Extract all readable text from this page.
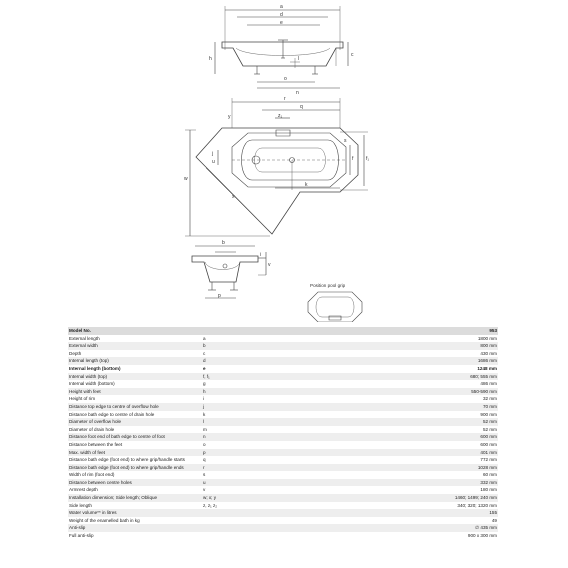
a
d
e
h
c
l
o
n
r
q
z₁
y
j
u	f	f₁
k
w
x
s
b
i
v
p
Position pool grip
Model No.		953
External length	a	1800 mm
External width	b	800 mm
Depth	c	430 mm
Internal length (top)	d	1686 mm
Internal length (bottom)	e	1248 mm
Internal width (top)	f, f₁	680; 555 mm
Internal width (bottom)	g	486 mm
Height with feet	h	550-590 mm
Height of rim	i	32 mm
Distance top edge to centre of overflow hole	j	70 mm
Distance bath edge to centre of drain hole	k	900 mm
Diameter of overflow hole	l	52 mm
Diameter of drain hole	m	52 mm
Distance foot end of bath edge to centre of foot	n	600 mm
Distance between the feet	o	600 mm
Max. width of feet	p	401 mm
Distance bath edge (foot end) to where grip/handle starts	q	772 mm
Distance bath edge (foot end) to where grip/handle ends	r	1028 mm
Width of rim (foot end)	s	60 mm
Distance between centre holes	u	332 mm
Armrest depth	v	180 mm
Installation dimension; Side length; Oblique	w; x; y	1460; 1499; 240 mm
Side length	z, z₁ z₂	340; 320; 1320 mm
Water volume** in litres		155
Weight of the enamelled bath in kg		49
Anti-slip		∅ 435 mm
Full anti-slip		900 x 300 mm
